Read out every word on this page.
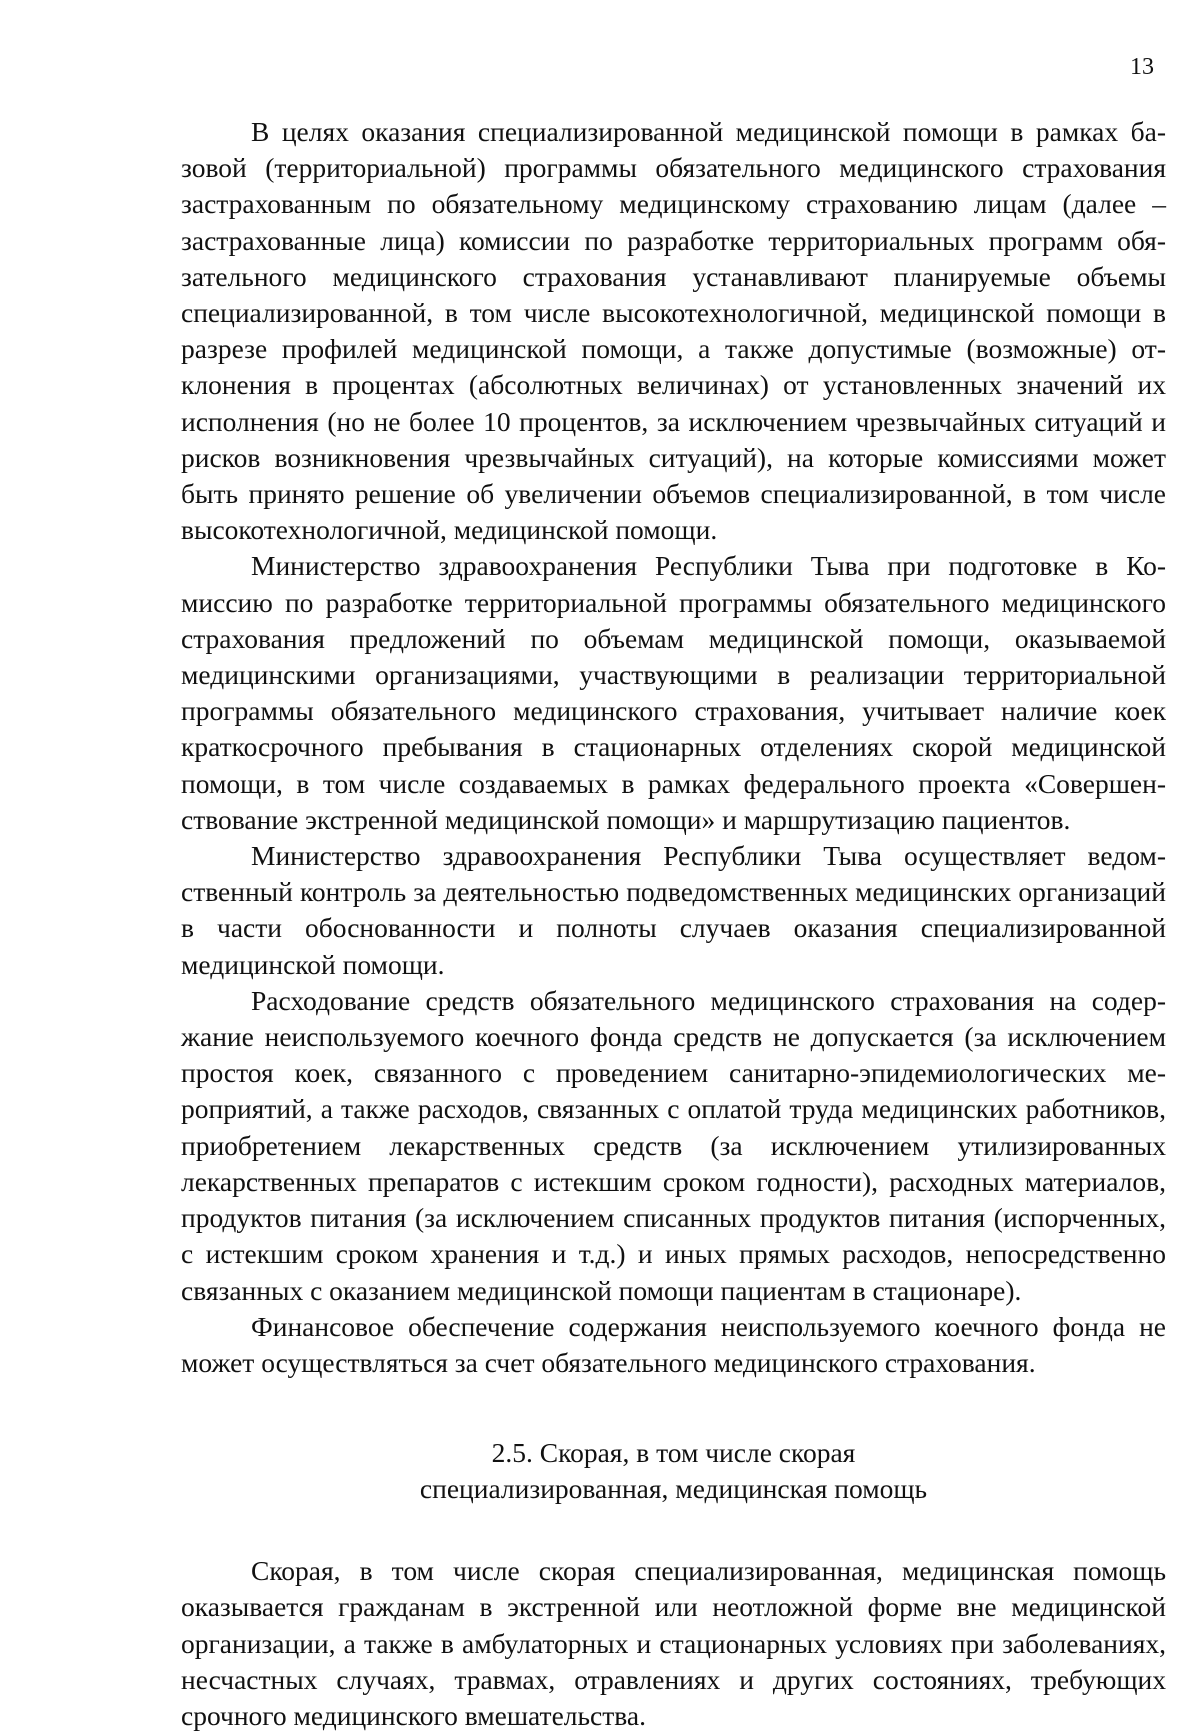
13

В целях оказания специализированной медицинской помощи в рамках базовой (территориальной) программы обязательного медицинского страхования застрахованным по обязательному медицинскому страхованию лицам (далее – застрахованные лица) комиссии по разработке территориальных программ обязательного медицинского страхования устанавливают планируемые объемы специализированной, в том числе высокотехнологичной, медицинской помощи в разрезе профилей медицинской помощи, а также допустимые (возможные) отклонения в процентах (абсолютных величинах) от установленных значений их исполнения (но не более 10 процентов, за исключением чрезвычайных ситуаций и рисков возникновения чрезвычайных ситуаций), на которые комиссиями может быть принято решение об увеличении объемов специализированной, в том числе высокотехнологичной, медицинской помощи.

Министерство здравоохранения Республики Тыва при подготовке в Комиссию по разработке территориальной программы обязательного медицинского страхования предложений по объемам медицинской помощи, оказываемой медицинскими организациями, участвующими в реализации территориальной программы обязательного медицинского страхования, учитывает наличие коек краткосрочного пребывания в стационарных отделениях скорой медицинской помощи, в том числе создаваемых в рамках федерального проекта «Совершенствование экстренной медицинской помощи» и маршрутизацию пациентов.

Министерство здравоохранения Республики Тыва осуществляет ведомственный контроль за деятельностью подведомственных медицинских организаций в части обоснованности и полноты случаев оказания специализированной медицинской помощи.

Расходование средств обязательного медицинского страхования на содержание неиспользуемого коечного фонда средств не допускается (за исключением простоя коек, связанного с проведением санитарно-эпидемиологических мероприятий, а также расходов, связанных с оплатой труда медицинских работников, приобретением лекарственных средств (за исключением утилизированных лекарственных препаратов с истекшим сроком годности), расходных материалов, продуктов питания (за исключением списанных продуктов питания (испорченных, с истекшим сроком хранения и т.д.) и иных прямых расходов, непосредственно связанных с оказанием медицинской помощи пациентам в стационаре).

Финансовое обеспечение содержания неиспользуемого коечного фонда не может осуществляться за счет обязательного медицинского страхования.

2.5. Скорая, в том числе скорая
специализированная, медицинская помощь

Скорая, в том числе скорая специализированная, медицинская помощь оказывается гражданам в экстренной или неотложной форме вне медицинской организации, а также в амбулаторных и стационарных условиях при заболеваниях, несчастных случаях, травмах, отравлениях и других состояниях, требующих срочного медицинского вмешательства.
